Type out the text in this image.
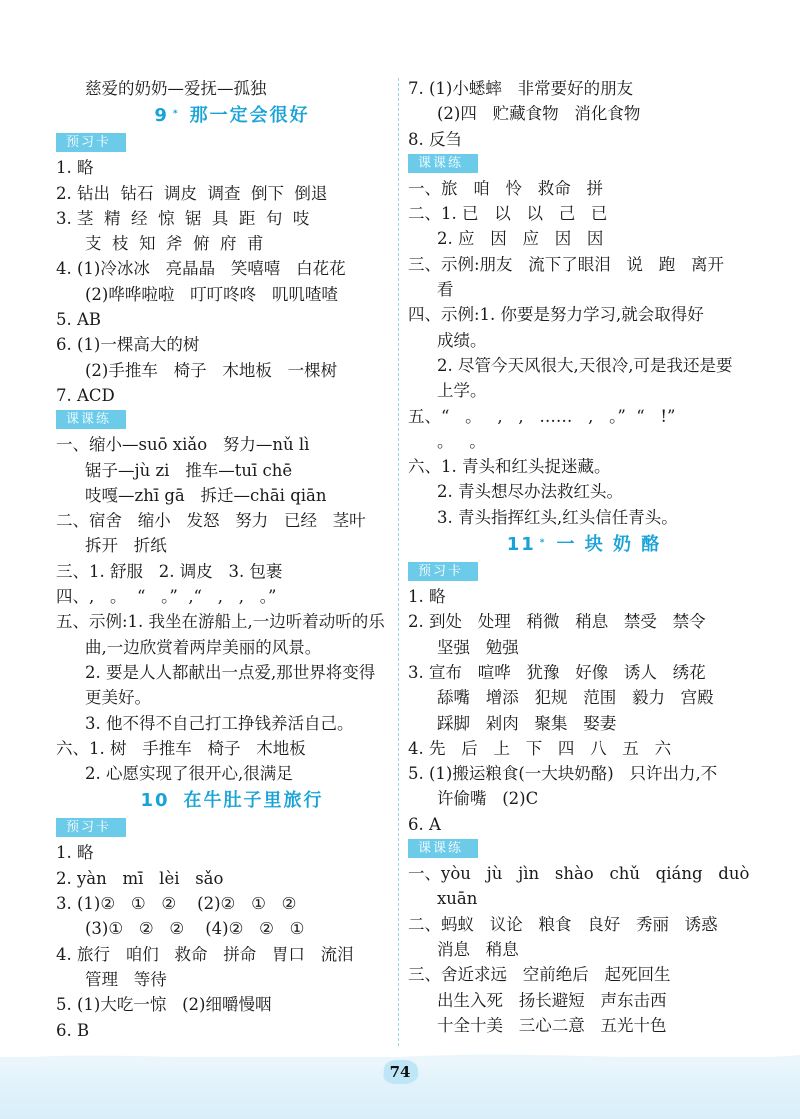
慈爱的奶奶—爱抚—孤独
9 * 那一定会很好
预习卡
1. 略
2. 钻出  钻石  调皮  调查  倒下  倒退
3. 茎  精  经  惊  锯  具  距  句  吱
支  枝  知  斧  俯  府  甫
4. (1)冷冰冰   亮晶晶   笑嘻嘻   白花花
(2)哗哗啦啦   叮叮咚咚   叽叽喳喳
5. AB
6. (1)一棵高大的树
(2)手推车   椅子   木地板   一棵树
7. ACD
课课练
一、缩小—suō xiǎo   努力—nǔ lì
锯子—jù zi   推车—tuī chē
吱嘎—zhī gā   拆迁—chāi qiān
二、宿舍   缩小   发怒   努力   已经   茎叶
拆开   折纸
三、1. 舒服   2. 调皮   3. 包裹
四、,   。  “   。”  ,“   ,   ,   。”
五、示例:1. 我坐在游船上,一边听着动听的乐
曲,一边欣赏着两岸美丽的风景。
2. 要是人人都献出一点爱,那世界将变得
更美好。
3. 他不得不自己打工挣钱养活自己。
六、1. 树   手推车   椅子   木地板
2. 心愿实现了很开心,很满足
10 在牛肚子里旅行
预习卡
1. 略
2. yàn   mī   lèi   sǎo
3. (1)②   ①   ②    (2)②   ①   ②
(3)①   ②   ②    (4)②   ②   ①
4. 旅行   咱们   救命   拼命   胃口   流泪
管理   等待
5. (1)大吃一惊   (2)细嚼慢咽
6. B
7. (1)小蟋蟀   非常要好的朋友
(2)四   贮藏食物   消化食物
8. 反刍
课课练
一、旅   咱   怜   救命   拼
二、1. 已   以   以   己   已
2. 应   因   应   因   因
三、示例:朋友   流下了眼泪   说   跑   离开
看
四、示例:1. 你要是努力学习,就会取得好
成绩。
2. 尽管今天风很大,天很冷,可是我还是要
上学。
五、“   。   ,   ,   ……   ,   。”  “   !”
。   。
六、1. 青头和红头捉迷藏。
2. 青头想尽办法救红头。
3. 青头指挥红头,红头信任青头。
11 * 一 块 奶 酪
预习卡
1. 略
2. 到处   处理   稍微   稍息   禁受   禁令
坚强   勉强
3. 宣布   喧哗   犹豫   好像   诱人   绣花
舔嘴   增添   犯规   范围   毅力   宫殿
踩脚   剁肉   聚集   娶妻
4. 先   后   上   下   四   八   五   六
5. (1)搬运粮食(一大块奶酪)   只许出力,不
许偷嘴   (2)C
6. A
课课练
一、yòu   jù   jìn   shào   chǔ   qiáng   duò
xuān
二、蚂蚁   议论   粮食   良好   秀丽   诱惑
消息   稍息
三、舍近求远   空前绝后   起死回生
出生入死   扬长避短   声东击西
十全十美   三心二意   五光十色
74
